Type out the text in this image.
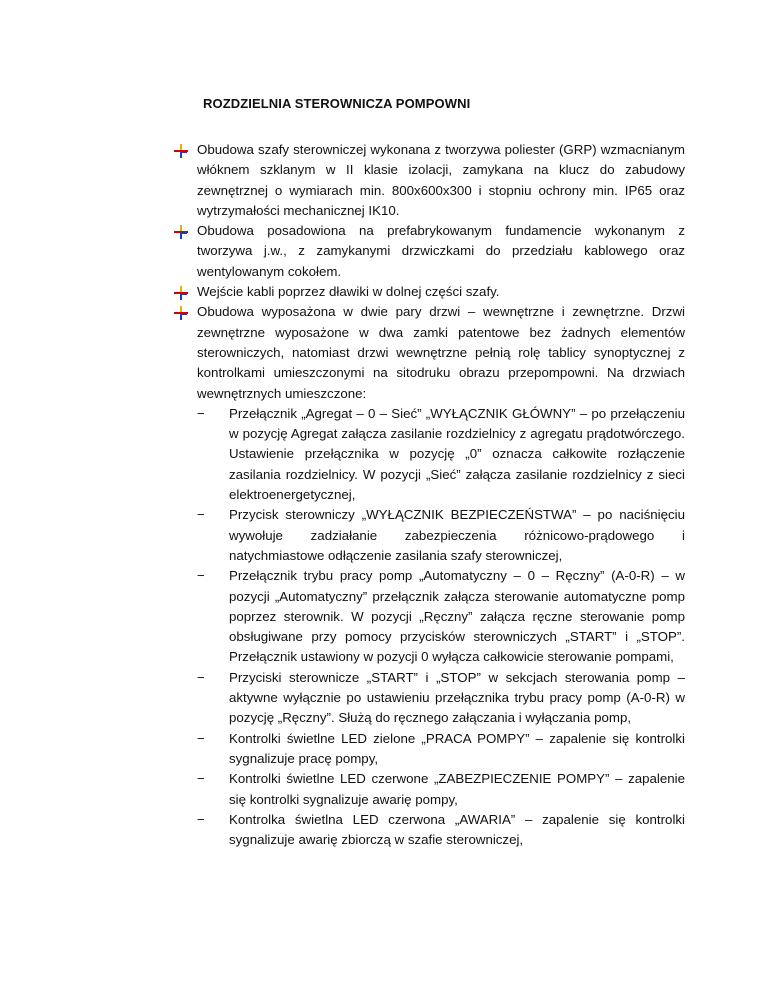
ROZDZIELNIA STEROWNICZA POMPOWNI
Obudowa szafy sterowniczej wykonana z tworzywa poliester (GRP) wzmacnianym włóknem szklanym w II klasie izolacji, zamykana na klucz do zabudowy zewnętrznej o wymiarach min. 800x600x300 i stopniu ochrony min. IP65 oraz wytrzymałości mechanicznej IK10.
Obudowa posadowiona na prefabrykowanym fundamencie wykonanym z tworzywa j.w., z zamykanymi drzwiczkami do przedziału kablowego oraz wentylowanym cokołem.
Wejście kabli poprzez dławiki w dolnej części szafy.
Obudowa wyposażona w dwie pary drzwi – wewnętrzne i zewnętrzne. Drzwi zewnętrzne wyposażone w dwa zamki patentowe bez żadnych elementów sterowniczych, natomiast drzwi wewnętrzne pełnią rolę tablicy synoptycznej z kontrolkami umieszczonymi na sitodruku obrazu przepompowni. Na drzwiach wewnętrznych umieszczone:
− Przełącznik „Agregat – 0 – Sieć” „WYŁĄCZNIK GŁÓWNY” – po przełączeniu w pozycję Agregat załącza zasilanie rozdzielnicy z agregatu prądotwórczego. Ustawienie przełącznika w pozycję „0” oznacza całkowite rozłączenie zasilania rozdzielnicy. W pozycji „Sieć” załącza zasilanie rozdzielnicy z sieci elektroenergetycznej,
− Przycisk sterowniczy „WYŁĄCZNIK BEZPIECZEŃSTWA” – po naciśnięciu wywołuje zadziałanie zabezpieczenia różnicowo-prądowego i natychmiastowe odłączenie zasilania szafy sterowniczej,
− Przełącznik trybu pracy pomp „Automatyczny – 0 – Ręczny” (A-0-R) – w pozycji „Automatyczny” przełącznik załącza sterowanie automatyczne pomp poprzez sterownik. W pozycji „Ręczny” załącza ręczne sterowanie pomp obsługiwane przy pomocy przycisków sterowniczych „START” i „STOP”. Przełącznik ustawiony w pozycji 0 wyłącza całkowicie sterowanie pompami,
− Przyciski sterownicze „START” i „STOP” w sekcjach sterowania pomp – aktywne wyłącznie po ustawieniu przełącznika trybu pracy pomp (A-0-R) w pozycję „Ręczny”. Służą do ręcznego załączania i wyłączania pomp,
− Kontrolki świetlne LED zielone „PRACA POMPY” – zapalenie się kontrolki sygnalizuje pracę pompy,
− Kontrolki świetlne LED czerwone „ZABEZPIECZENIE POMPY” – zapalenie się kontrolki sygnalizuje awarię pompy,
− Kontrolka świetlna LED czerwona „AWARIA” – zapalenie się kontrolki sygnalizuje awarię zbiorczą w szafie sterowniczej,
